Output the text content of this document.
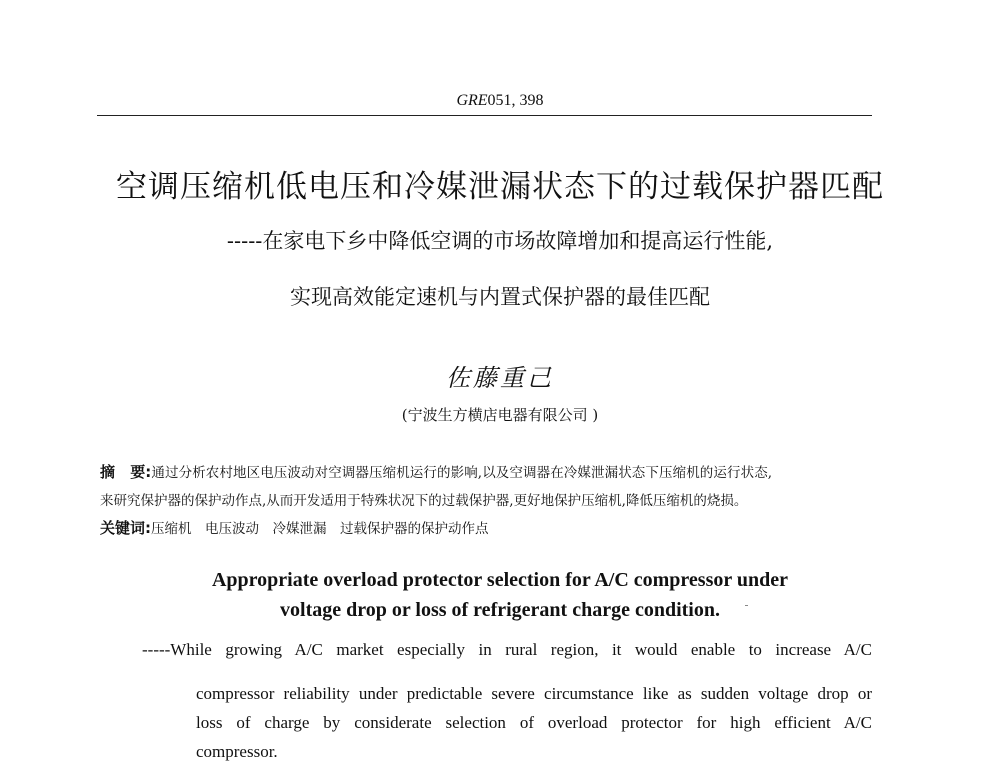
GRE051, 398
空调压缩机低电压和冷媒泄漏状态下的过载保护器匹配
-----在家电下乡中降低空调的市场故障增加和提高运行性能,
实现高效能定速机与内置式保护器的最佳匹配
佐藤重己
(宁波生方横店电器有限公司 )
摘　要:通过分析农村地区电压波动对空调器压缩机运行的影响,以及空调器在冷媒泄漏状态下压缩机的运行状态,
来研究保护器的保护动作点,从而开发适用于特殊状况下的过载保护器,更好地保护压缩机,降低压缩机的烧损。
关键词:压缩机　电压波动　冷媒泄漏　过载保护器的保护动作点
Appropriate overload protector selection for A/C compressor under
voltage drop or loss of refrigerant charge condition.
-----While growing A/C market especially in rural region, it would enable to increase A/C
compressor reliability under predictable severe circumstance like as sudden voltage drop or
loss of charge by considerate selection of overload protector for high efficient A/C
compressor.
